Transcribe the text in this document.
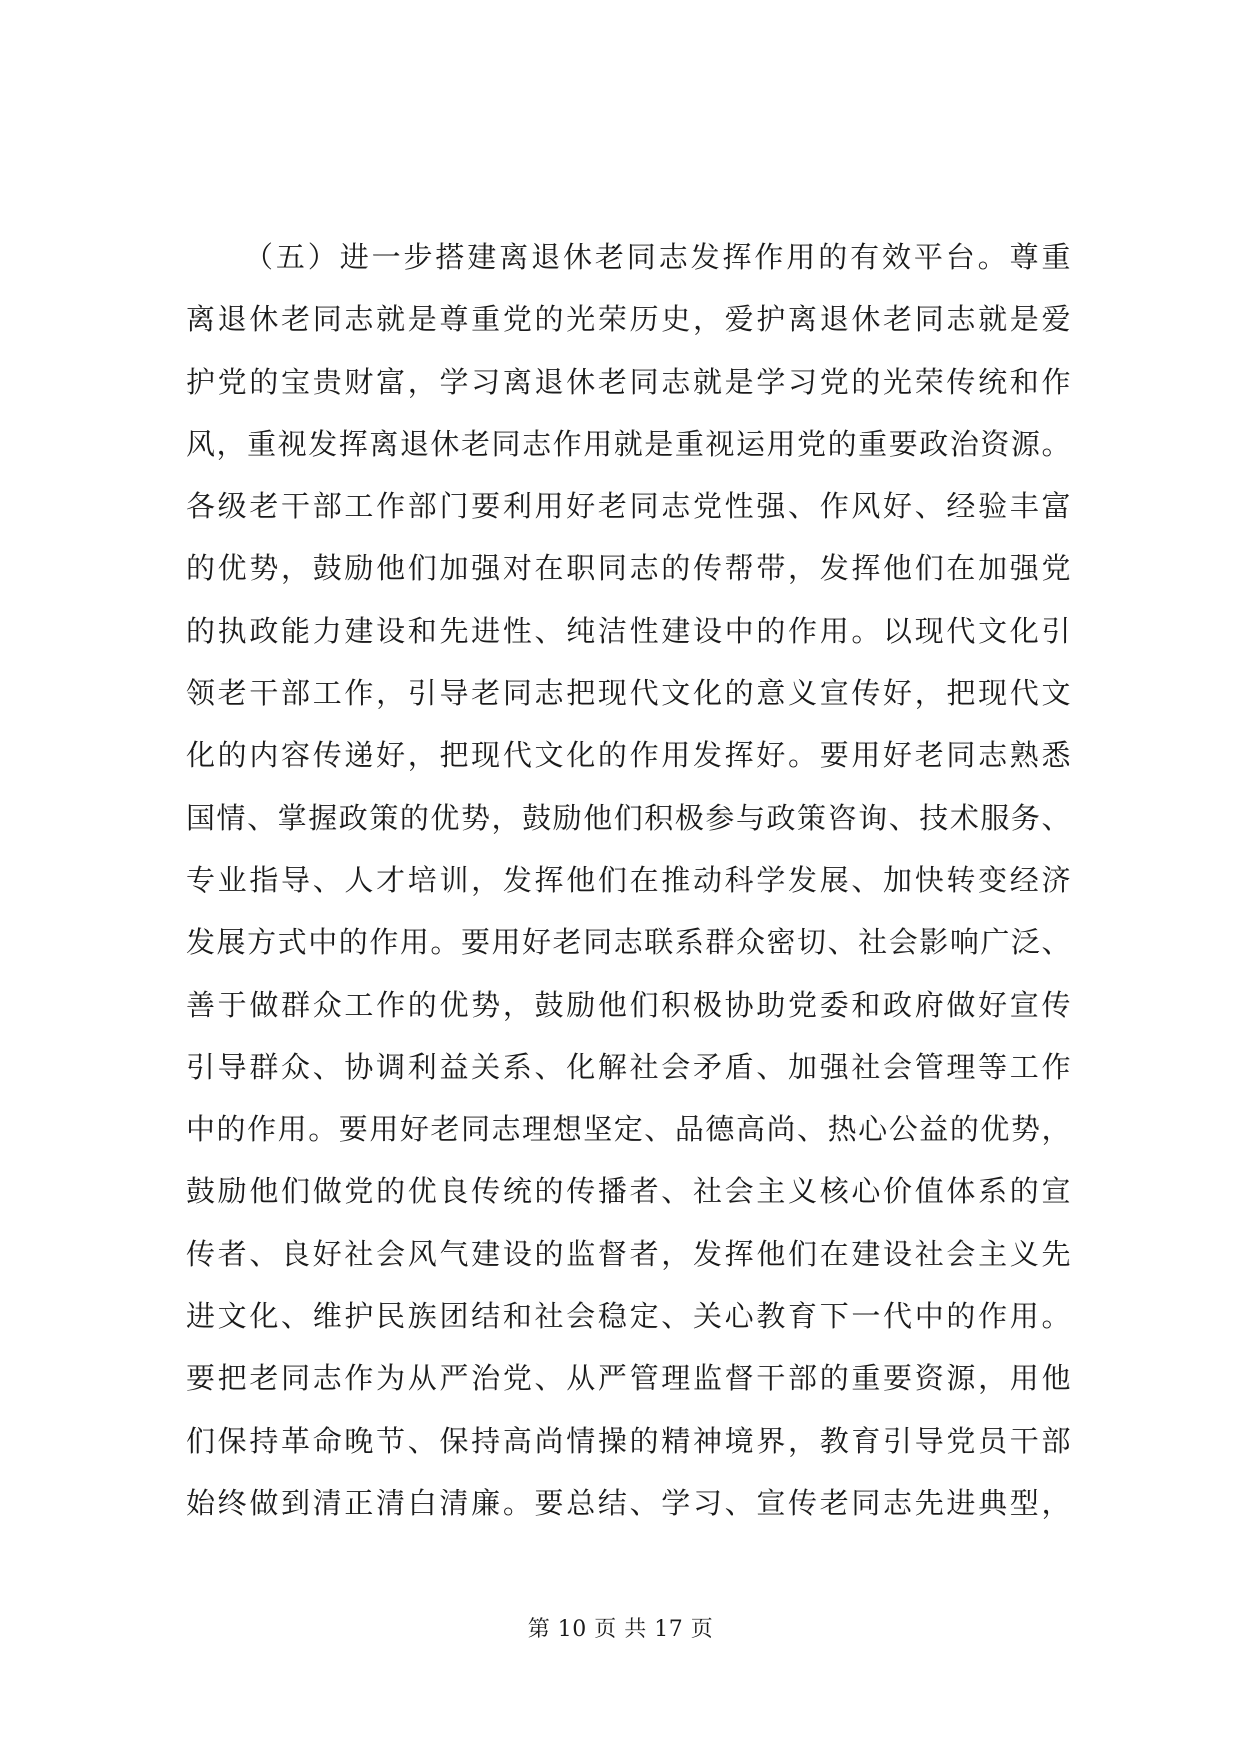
（五）进一步搭建离退休老同志发挥作用的有效平台。尊重
离退休老同志就是尊重党的光荣历史，爱护离退休老同志就是爱
护党的宝贵财富，学习离退休老同志就是学习党的光荣传统和作
风，重视发挥离退休老同志作用就是重视运用党的重要政治资源。
各级老干部工作部门要利用好老同志党性强、作风好、经验丰富
的优势，鼓励他们加强对在职同志的传帮带，发挥他们在加强党
的执政能力建设和先进性、纯洁性建设中的作用。以现代文化引
领老干部工作，引导老同志把现代文化的意义宣传好，把现代文
化的内容传递好，把现代文化的作用发挥好。要用好老同志熟悉
国情、掌握政策的优势，鼓励他们积极参与政策咨询、技术服务、
专业指导、人才培训，发挥他们在推动科学发展、加快转变经济
发展方式中的作用。要用好老同志联系群众密切、社会影响广泛、
善于做群众工作的优势，鼓励他们积极协助党委和政府做好宣传
引导群众、协调利益关系、化解社会矛盾、加强社会管理等工作
中的作用。要用好老同志理想坚定、品德高尚、热心公益的优势，
鼓励他们做党的优良传统的传播者、社会主义核心价值体系的宣
传者、良好社会风气建设的监督者，发挥他们在建设社会主义先
进文化、维护民族团结和社会稳定、关心教育下一代中的作用。
要把老同志作为从严治党、从严管理监督干部的重要资源，用他
们保持革命晚节、保持高尚情操的精神境界，教育引导党员干部
始终做到清正清白清廉。要总结、学习、宣传老同志先进典型，
第 10 页 共 17 页
